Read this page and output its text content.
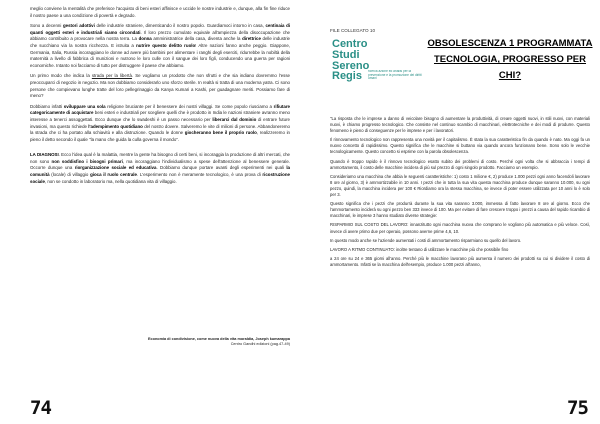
meglio conviene la mentalità che preferisce l'acquisto di beni esteri affinisce e uccide le nostre industrie e, dunque, alla fin fine riduce il nostro paese a una condizione di povertà e degrado.

Sono a decenni gestori adottivi delle industrie straniere, dimenticando il nostro popolo. Guardiamoci intorno in casa, centinaia di quanti oggetti esteri e industriali siamo circondati. Il loro prezzo cumulato equivale all'ampiezza della disoccupazione che abbiamo contribuito a provocare nella nostra terra. La donna amministratrice della casa, diventa anche la direttrice delle industrie che succhiano via la nostra ricchezza. E istruita a nutrire questo delitto ruolo! Altre nazioni fanno anche peggio. Giappone, Germania, Italia, Russia incoraggiano le donne ad avere più bambini per alimentare i ranghi degli eserciti, ridurrebbe la nobiltà della maternità a livello di fabbrica di munizioni e nutrono le loro culle con il sangue dei loro figli, conducendo una guerra per ragioni economiche. Intanto noi facciamo di tutto per distruggere il paese che abbiamo.

Un primo modo che indica la strada per la libertà. Se vogliamo un prodotto che non sfrutti e che sia indiano dovremmo l'esse preoccuparci di negozio in negozio. Ma non dobbiamo considerarlo uno sforzo sterile. In realtà si tratta di una moderna yatra. Ci sono persone che compievano lunghe tratte del loro pellegrinaggio da Kanya Kumari a Kashi, per guadagnare meriti. Possiamo fare di meno?

Dobbiamo infatti sviluppare una sola religione bruciante per il benessere dei nostri villaggi. Se come popolo riusciamo a rifiutare categoricamente di acquistare beni esteri e industriali per scegliere quelli che è prodotto in India le nazioni straniere avranno meno interesse a tenerci assoggettati. Ecco dunque che lo swadeshi è un passo necessario per liberarci dal dominio di entrare future invasioni, ma questo richiede l'adempimento quotidiano del nostro dovere. Salveremo le vite di milioni di persone. Abbandoneremo la strada che ci ha portato alla schiavitù e alla distruzione. Quando le donne giocheranno bene il proprio ruolo, realizzeremo in pieno il detto secondo il quale "la mano che guida la culla governa il mondo".

LA DIAGNOSI. Ecco l'idea qual è la malattia, mentre la gente ha bisogno di certi beni, si incoraggia la produzione di altri mercati, che non sono non soddisfino i bisogni primari, ma incoraggiano l'individualismo a spese dell'attenzione al benessere generale. Occorre dunque una riorganizzazione sociale ed educativa. Dobbiamo dunque portare avanti degli esperimenti nei quali la comunità (locale) di villaggio gioca il ruolo centrale. L'esperimento non è meramente tecnologico, è una prova di ricostruzione sociale, non se condotto in laboratorio ma, nella quotidiana vita di villaggio.

Economia di condivisione, come nuova della vita moraldia, Joseph kumarappa
Centro Gandhi edizioni (pag.47-49)
74
FILE COLLEGATO 10
Centro
Studi
Sereno
Regis ricerca azione ed analisi per la prevenzione e la promozione dei diritti umani
OBSOLESCENZA 1 PROGRAMMATA
TECNOLOGIA, PROGRESSO PER CHI?

"La risposta che le imprese a danno di veicolare bisogno di aumentare la produttività, di creare oggetti nuovi, in stili nuovi, con materiali nuovi, è chiamo progresso tecnologico. Che consiste nel continuo scambio di macchinari, elettrotecniche e dei modi di produrre. Questo fenomeno è pieno di conseguenze per le imprese e per i lavoratori.

Il rinnovamento tecnologico non rappresenta una novità per il capitalismo. È stata la sua caratteristica fin da quando è nato. Ma oggi fa un nuovo concetto di rapidissimo. Questo significa che le macchine si buttano via quando ancora funzionano bene. Sono solo le vecchie tecnologicamente. Questo concetto si esprime con la parola obsolescenza.

Quando è troppo rapido è il rinnovo tecnologico esatto subito dei problemi di costo. Perché ogni volta che si abbraccia i tempi di ammortamento, il costo delle macchine incidera di più sul prezzo di ogni singolo prodotto. Facciamo un esempio.

Consideriamo una macchina che abbia le seguenti caratteristiche: 1) costo 1 milione €, 2) produce 1.000 pezzi ogni anno facendoli lavorare 8 ore al giorno, 3) è ammortizzabile in 10 anni. I pezzi che in tutta la sua vita questa macchina produce dunque saranno 10.000, su ogni pezzo, quindi, la macchina incidera per 100 € Riordiamo ora la stessa macchina, se invece di poter essere utilizzata per 10 anni lo è solo per 3.

Questo significa che i pezzi che produrrà durante la sua vita saranno 3.000, immessa di fatto lavorare 8 ore al giorno. Ecco che l'ammortamento inciderà su ogni pezzo ben 333 invece di 100. Ma per evitare di fare crescere troppo i prezzi a causa del rapido ricambio di macchinari, le imprese 3 hanno studiato diverse strategie:

RISPARMIO SUL COSTO DEL LAVORO: innanzitutto ogni macchina nuova che comprano le vogliono più automatica e più veloce. Così, invece di avere primo due per operaio, possono averne prime 4,6, 10.

In questo modo anche se l'aziende aumentati i costi di ammortamento risparmiano su quello del lavoro.

LAVORO A RITMO CONTINUATO: inoltre tentano di utilizzare le macchine più che possibile fino

a 24 ore su 24 e 365 giorni all'anno. Perché più le macchine lavorano più aumenta il numero dei prodotti su cui si dividere il costo di ammortamento. Infatti se la macchina dell'esempio, produce 1.000 pezzi all'anno,

75
